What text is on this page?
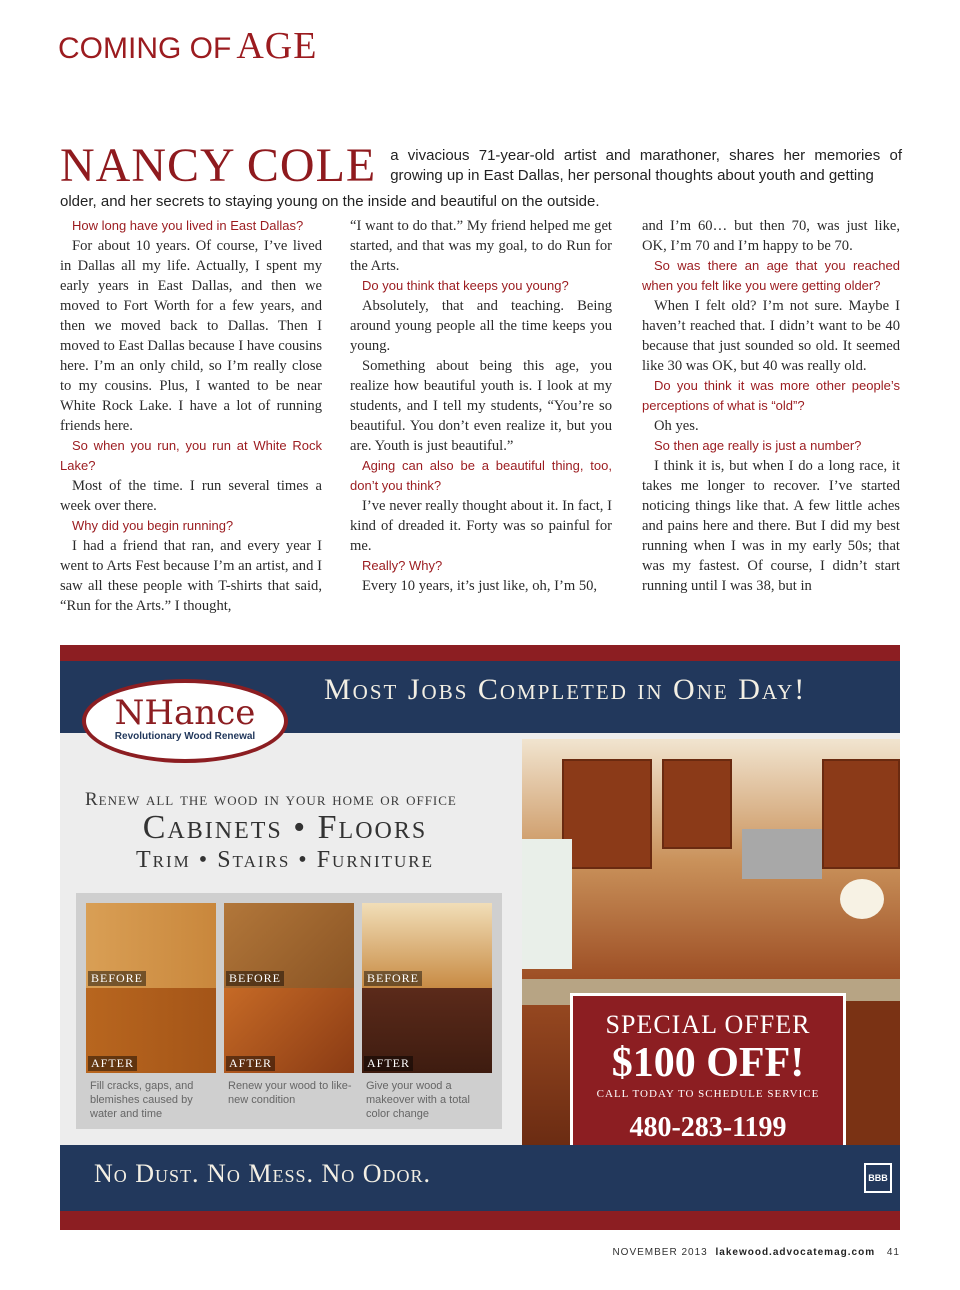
COMING OF AGE
NANCY COLE a vivacious 71-year-old artist and marathoner, shares her memories of growing up in East Dallas, her personal thoughts about youth and getting
older, and her secrets to staying young on the inside and beautiful on the outside.

How long have you lived in East Dallas?

For about 10 years. Of course, I’ve lived in Dallas all my life. Actually, I spent my early years in East Dallas, and then we moved to Fort Worth for a few years, and then we moved back to Dallas. Then I moved to East Dallas because I have cousins here. I’m an only child, so I’m really close to my cousins. Plus, I wanted to be near White Rock Lake. I have a lot of running friends here.

So when you run, you run at White Rock Lake?

Most of the time. I run several times a week over there.

Why did you begin running?

I had a friend that ran, and every year I went to Arts Fest because I’m an artist, and I saw all these people with T-shirts that said, “Run for the Arts.” I thought,

“I want to do that.” My friend helped me get started, and that was my goal, to do Run for the Arts.

Do you think that keeps you young?

Absolutely, that and teaching. Being around young people all the time keeps you young.

Something about being this age, you realize how beautiful youth is. I look at my students, and I tell my students, “You’re so beautiful. You don’t even realize it, but you are. Youth is just beautiful.”

Aging can also be a beautiful thing, too, don’t you think?

I’ve never really thought about it. In fact, I kind of dreaded it. Forty was so painful for me.

Really? Why?

Every 10 years, it’s just like, oh, I’m 50,

and I’m 60… but then 70, was just like, OK, I’m 70 and I’m happy to be 70.

So was there an age that you reached when you felt like you were getting older?

When I felt old? I’m not sure. Maybe I haven’t reached that. I didn’t want to be 40 because that just sounded so old. It seemed like 30 was OK, but 40 was really old.

Do you think it was more other people’s perceptions of what is “old”?

Oh yes.

So then age really is just a number?

I think it is, but when I do a long race, it takes me longer to recover. I’ve started noticing things like that. A few little aches and pains here and there. But I did my best running when I was in my early 50s; that was my fastest. Of course, I didn’t start running until I was 38, but in

Most Jobs Completed in One Day!
NHance
Revolutionary Wood Renewal
Renew all the wood in your home or office
Cabinets • Floors
Trim • Stairs • Furniture
BEFORE
AFTER
BEFORE
AFTER
BEFORE
AFTER
Fill cracks, gaps, and blemishes caused by water and time
Renew your wood to like-new condition
Give your wood a makeover with a total color change
SPECIAL OFFER
$100 OFF!
CALL TODAY TO SCHEDULE SERVICE
480-283-1199
No Dust. No Mess. No Odor.	BBB
NOVEMBER 2013 lakewood.advocatemag.com 41
